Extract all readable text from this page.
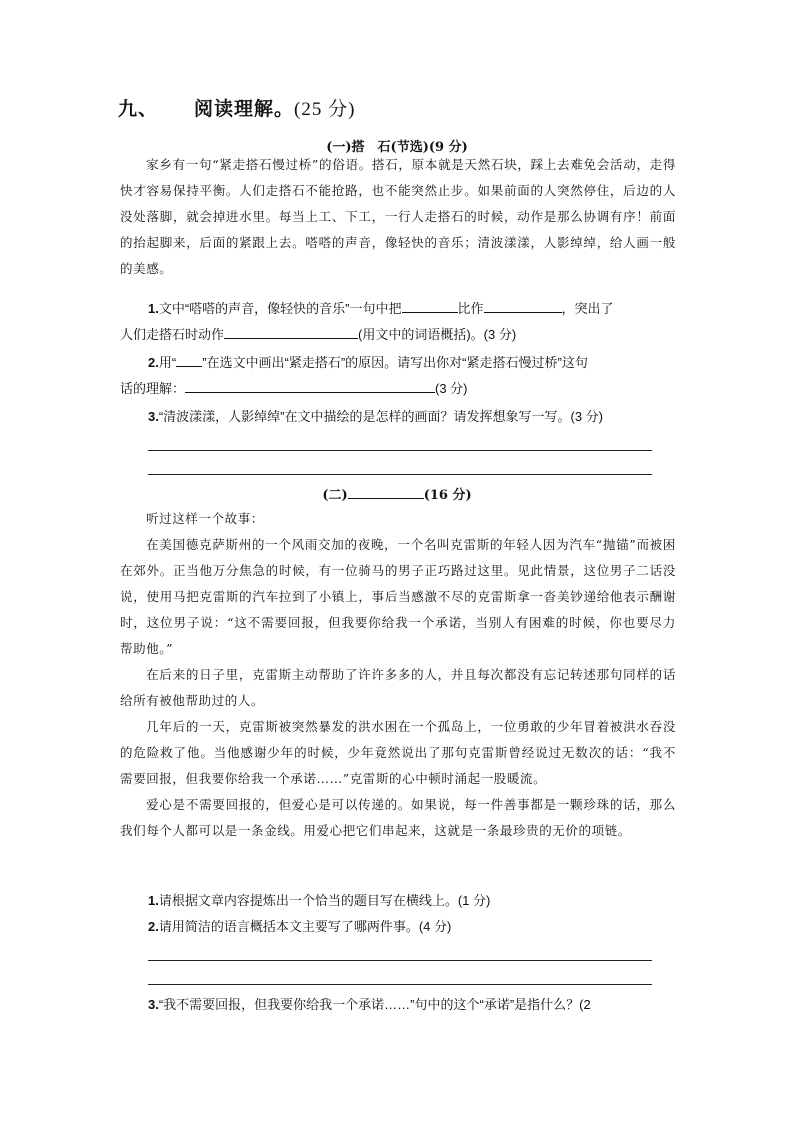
九、 阅读理解。(25 分)
(一)搭　石(节选)(9 分)
家乡有一句“紧走搭石慢过桥”的俗语。搭石，原本就是天然石块，踩上去难免会活动，走得快才容易保持平衡。人们走搭石不能抢路，也不能突然止步。如果前面的人突然停住，后边的人没处落脚，就会掉进水里。每当上工、下工，一行人走搭石的时候，动作是那么协调有序！前面的抬起脚来，后面的紧跟上去。嗒嗒的声音，像轻快的音乐；清波漾漾，人影绰绰，给人画一般的美感。
1.文中“嗒嗒的声音，像轻快的音乐”一句中把	比作	，突出了
人们走搭石时动作	(用文中的词语概括)。(3 分)
2.用“ ”在选文中画出“紧走搭石”的原因。请写出你对“紧走搭石慢过桥”这句
话的理解：	(3 分)
3.“清波漾漾，人影绰绰”在文中描绘的是怎样的画面？请发挥想象写一写。(3 分)
(二)	(16 分)
听过这样一个故事：
在美国德克萨斯州的一个风雨交加的夜晚，一个名叫克雷斯的年轻人因为汽车“抛锚”而被困在郊外。正当他万分焦急的时候，有一位骑马的男子正巧路过这里。见此情景，这位男子二话没说，使用马把克雷斯的汽车拉到了小镇上，事后当感激不尽的克雷斯拿一沓美钞递给他表示酬谢时，这位男子说：“这不需要回报，但我要你给我一个承诺，当别人有困难的时候，你也要尽力帮助他。”
在后来的日子里，克雷斯主动帮助了许许多多的人，并且每次都没有忘记转述那句同样的话给所有被他帮助过的人。
几年后的一天，克雷斯被突然暴发的洪水困在一个孤岛上，一位勇敢的少年冒着被洪水吞没的危险救了他。当他感谢少年的时候，少年竟然说出了那句克雷斯曾经说过无数次的话：“我不需要回报，但我要你给我一个承诺……”克雷斯的心中顿时涌起一股暖流。
爱心是不需要回报的，但爱心是可以传递的。如果说，每一件善事都是一颗珍珠的话，那么我们每个人都可以是一条金线。用爱心把它们串起来，这就是一条最珍贵的无价的项链。
1.请根据文章内容提炼出一个恰当的题目写在横线上。(1 分)
2.请用简洁的语言概括本文主要写了哪两件事。(4 分)
3.“我不需要回报，但我要你给我一个承诺……”句中的这个“承诺”是指什么？(2
